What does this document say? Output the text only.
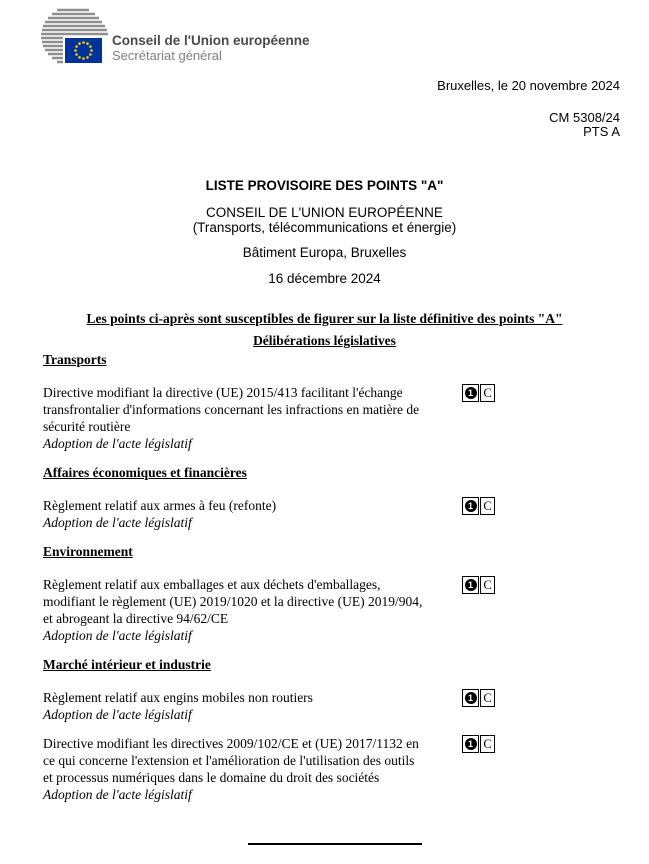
Conseil de l'Union européenne
Secrétariat général
Bruxelles, le 20 novembre 2024
CM 5308/24
PTS A
LISTE PROVISOIRE DES POINTS "A"
CONSEIL DE L'UNION EUROPÉENNE
(Transports, télécommunications et énergie)
Bâtiment Europa, Bruxelles
16 décembre 2024
Les points ci-après sont susceptibles de figurer sur la liste définitive des points "A"
Délibérations législatives
Transports
Directive modifiant la directive (UE) 2015/413 facilitant l'échange
transfrontalier d'informations concernant les infractions en matière de
sécurité routière
Adoption de l'acte législatif
1 C
Affaires économiques et financières
Règlement relatif aux armes à feu (refonte)
Adoption de l'acte législatif
1 C
Environnement
Règlement relatif aux emballages et aux déchets d'emballages,
modifiant le règlement (UE) 2019/1020 et la directive (UE) 2019/904,
et abrogeant la directive 94/62/CE
Adoption de l'acte législatif
1 C
Marché intérieur et industrie
Règlement relatif aux engins mobiles non routiers
Adoption de l'acte législatif
1 C
Directive modifiant les directives 2009/102/CE et (UE) 2017/1132 en
ce qui concerne l'extension et l'amélioration de l'utilisation des outils
et processus numériques dans le domaine du droit des sociétés
Adoption de l'acte législatif
1 C
